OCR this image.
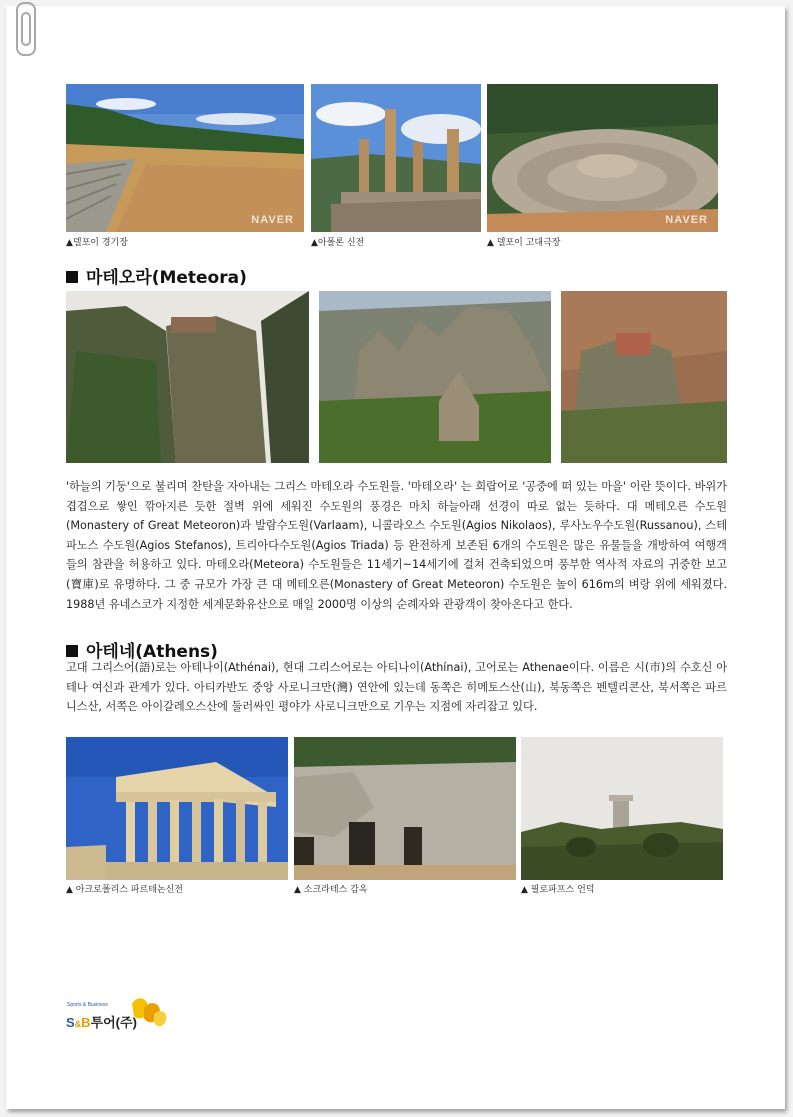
NAVER
▲델포이 경기장	▲아폴론 신전
NAVER
▲ 델포이 고대극장
마테오라(Meteora)
'하늘의 기둥'으로 불리며 찬탄을 자아내는 그리스 마테오라 수도원들. '마테오라' 는 희랍어로 '공중에 떠 있는 마을' 이란 뜻이다. 바위가 겹겹으로 쌓인 깎아지른 듯한 절벽 위에 세워진 수도원의 풍경은 마치 하늘아래 선경이 따로 없는 듯하다. 대 메테오른 수도원(Monastery of Great Meteoron)과 발람수도원(Varlaam), 니콜라오스 수도원(Agios Nikolaos), 루사노우수도원(Russanou), 스테파노스 수도원(Agios Stefanos), 트리아다수도원(Agios Triada) 등 완전하게 보존된 6개의 수도원은 많은 유물들을 개방하여 여행객들의 참관을 허용하고 있다. 마테오라(Meteora) 수도원들은 11세기~14세기에 걸쳐 건축되었으며 풍부한 역사적 자료의 귀중한 보고(寶庫)로 유명하다. 그 중 규모가 가장 큰 대 메테오른(Monastery of Great Meteoron) 수도원은 높이 616m의 벼랑 위에 세워졌다. 1988년 유네스코가 지정한 세계문화유산으로 매일 2000명 이상의 순례자와 관광객이 찾아온다고 한다.
아테네(Athens)
고대 그리스어(語)로는 아테나이(Athénai), 현대 그리스어로는 아티나이(Athínai), 고어로는 Athenae이다. 이름은 시(市)의 수호신 아테나 여신과 관계가 있다. 아티카반도 중앙 사로니크만(灣) 연안에 있는데 동쪽은 히메토스산(山), 북동쪽은 펜텔리콘산, 북서쪽은 파르니스산, 서쪽은 아이갈레오스산에 둘러싸인 평야가 사로니크만으로 기우는 지점에 자리잡고 있다.
▲ 아크로폴리스 파르테논신전	▲ 소크라테스 감옥	▲ 필로파프스 언덕
Sports & Business
S&B투어(주)
